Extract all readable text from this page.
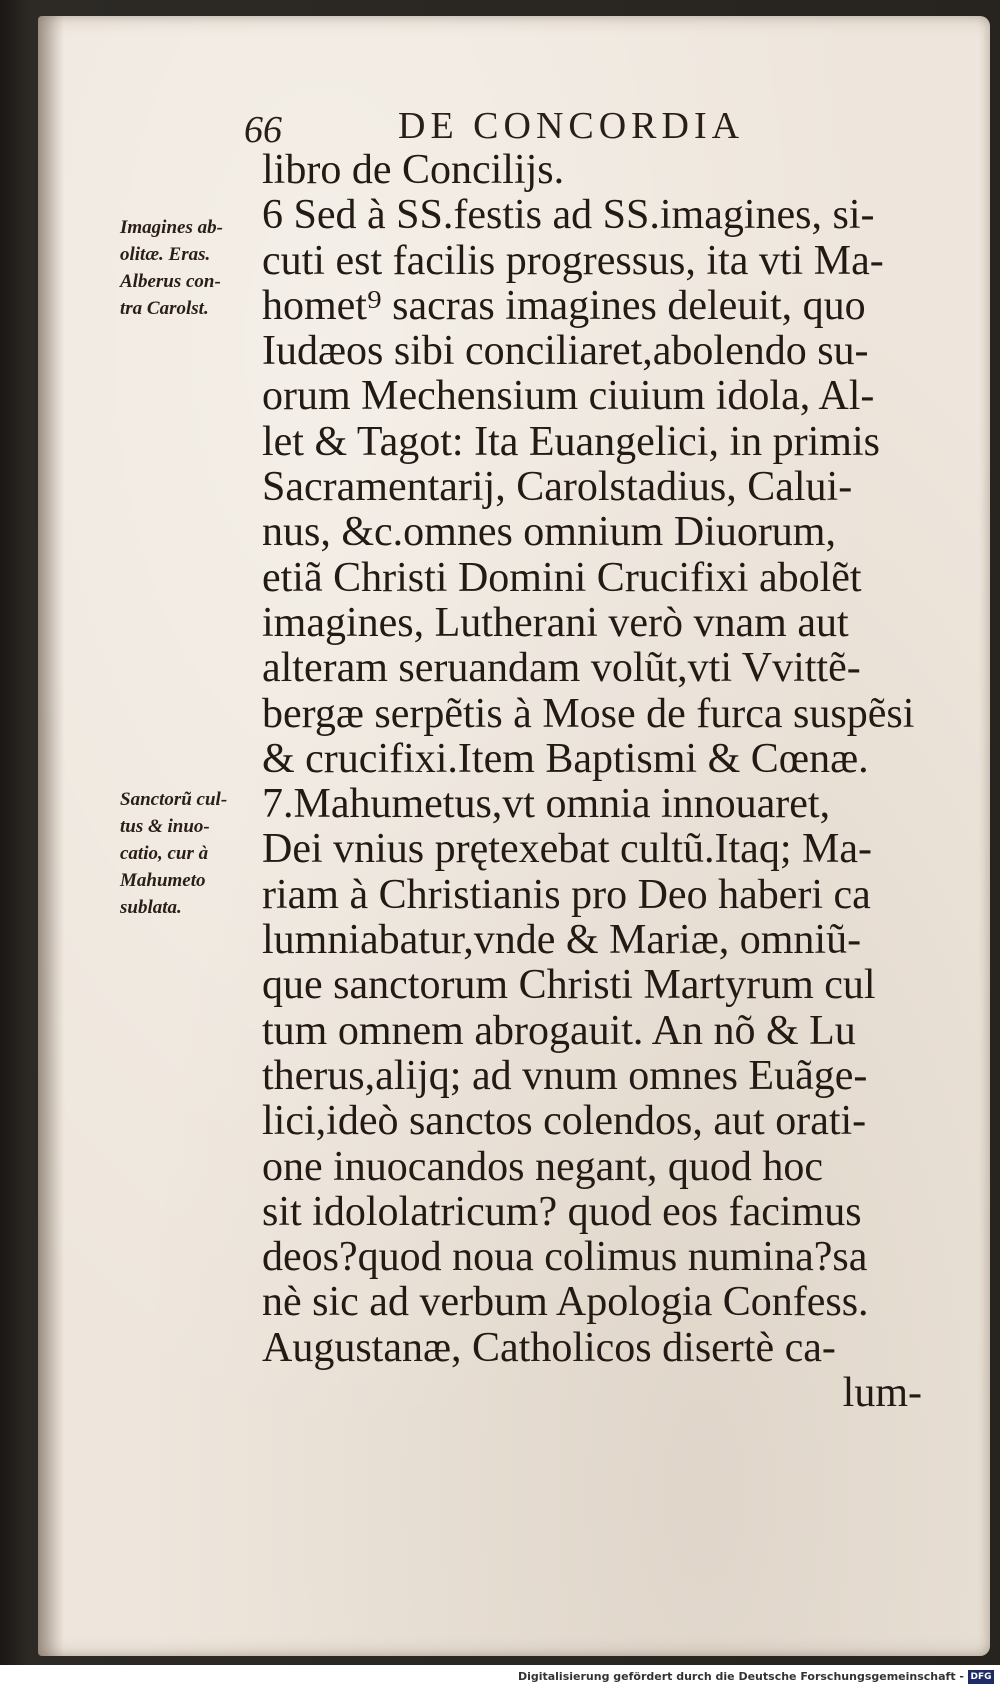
66	DE CONCORDIA
Imagines ab-
olitæ. Eras.
Alberus con-
tra Carolst.
Sanctorũ cul-
tus & inuo-
catio, cur à
Mahumeto
sublata.
libro de Concilijs.
6 Sed à SS.festis ad SS.imagines, si-
cuti est facilis progressus, ita vti Ma-
homet⁹ sacras imagines deleuit, quo
Iudæos sibi conciliaret,abolendo su-
orum Mechensium ciuium idola, Al-
let & Tagot: Ita Euangelici, in primis
Sacramentarij, Carolstadius, Calui-
nus, &c.omnes omnium Diuorum,
etiã Christi Domini Crucifixi abolẽt
imagines, Lutherani verò vnam aut
alteram seruandam volũt,vti Vvittẽ-
bergæ serpẽtis à Mose de furca suspẽsi
& crucifixi.Item Baptismi & Cœnæ.
7.Mahumetus,vt omnia innouaret,
Dei vnius prętexebat cultũ.Itaq; Ma-
riam à Christianis pro Deo haberi ca
lumniabatur,vnde & Mariæ, omniũ-
que sanctorum Christi Martyrum cul
tum omnem abrogauit. An nõ & Lu
therus,alijq; ad vnum omnes Euãge-
lici,ideò sanctos colendos, aut orati-
one inuocandos negant, quod hoc
sit idololatricum? quod eos facimus
deos?quod noua colimus numina?sa
nè sic ad verbum Apologia Confess.
Augustanæ, Catholicos disertè ca-
lum-
Digitalisierung gefördert durch die Deutsche Forschungsgemeinschaft - DFG
